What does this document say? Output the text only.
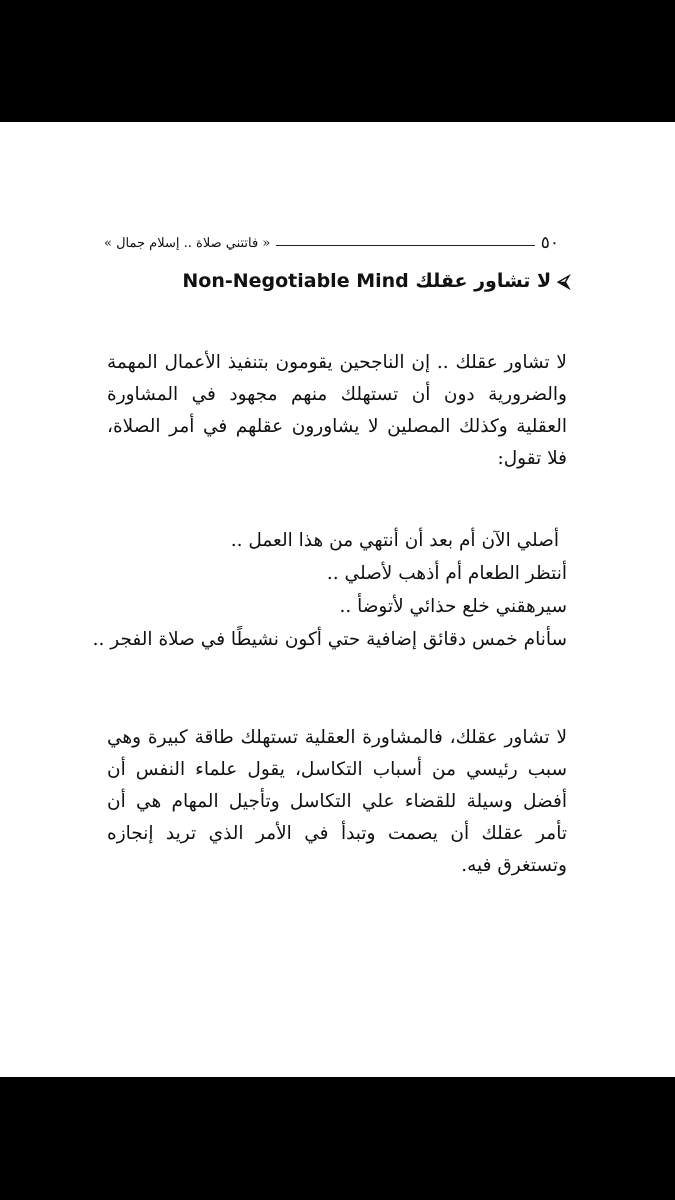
٥٠
« فاتتني صلاة .. إسلام جمال »
⮘لا تشاور عقلك Non-Negotiable Mind
لا تشاور عقلك .. إن الناجحين يقومون بتنفيذ الأعمال المهمة والضرورية دون أن تستهلك منهم مجهود في المشاورة العقلية وكذلك المصلين لا يشاورون عقلهم في أمر الصلاة، فلا تقول:
أصلي الآن أم بعد أن أنتهي من هذا العمل ..
أنتظر الطعام أم أذهب لأصلي ..
سيرهقني خلع حذائي لأتوضأ ..
سأنام خمس دقائق إضافية حتي أكون نشيطًا في صلاة الفجر ..
لا تشاور عقلك، فالمشاورة العقلية تستهلك طاقة كبيرة وهي سبب رئيسي من أسباب التكاسل، يقول علماء النفس أن أفضل وسيلة للقضاء علي التكاسل وتأجيل المهام هي أن تأمر عقلك أن يصمت وتبدأ في الأمر الذي تريد إنجازه وتستغرق فيه.
